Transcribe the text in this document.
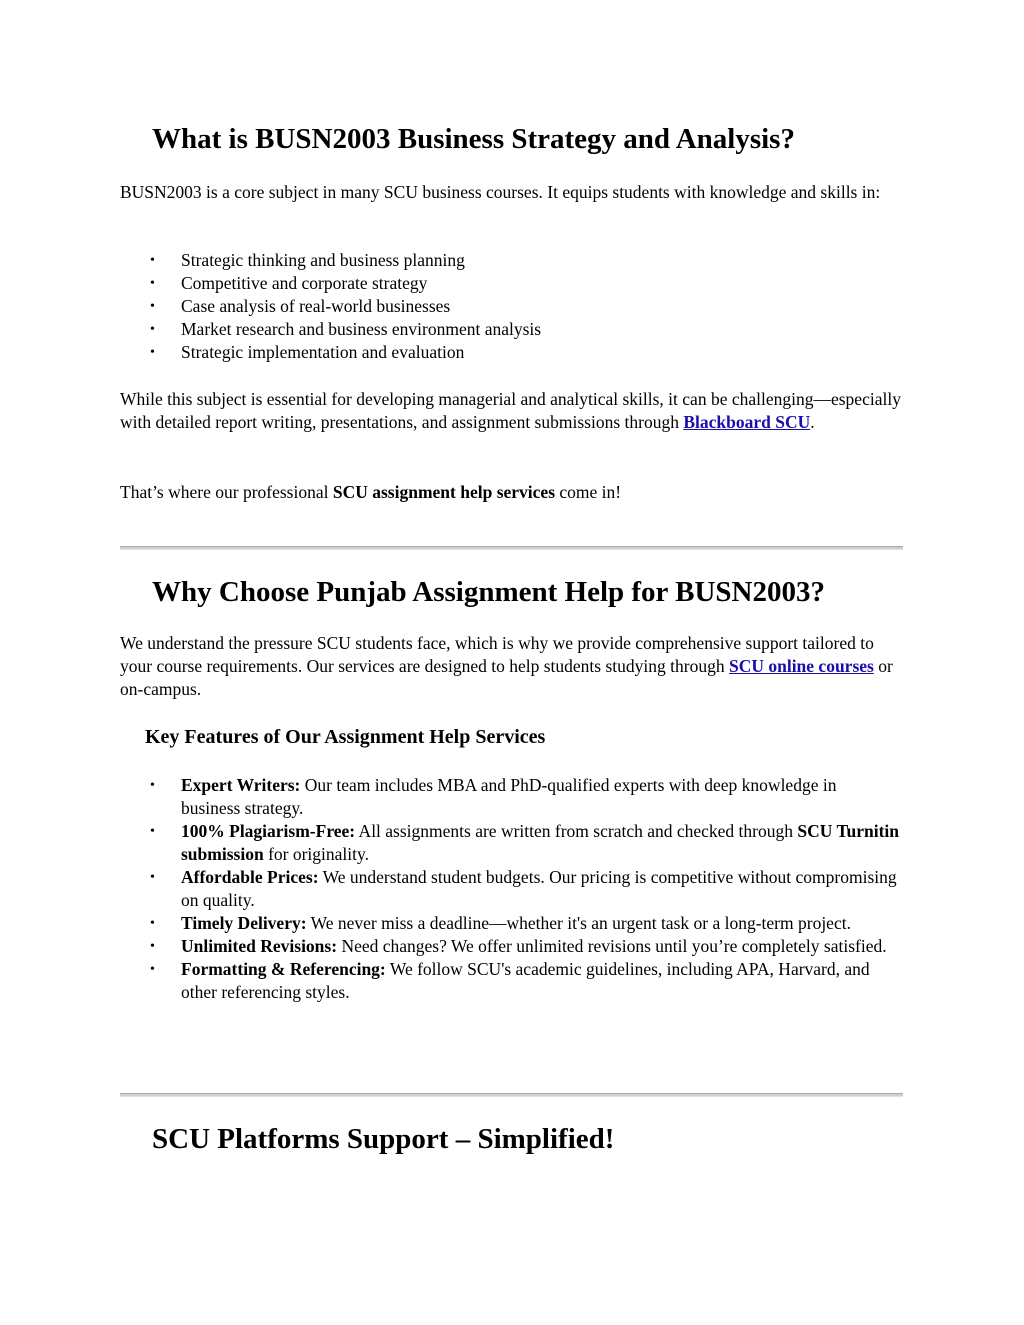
What is BUSN2003 Business Strategy and Analysis?

BUSN2003 is a core subject in many SCU business courses. It equips students with knowledge and skills in:

• Strategic thinking and business planning
• Competitive and corporate strategy
• Case analysis of real-world businesses
• Market research and business environment analysis
• Strategic implementation and evaluation

While this subject is essential for developing managerial and analytical skills, it can be challenging—especially with detailed report writing, presentations, and assignment submissions through Blackboard SCU.

That’s where our professional SCU assignment help services come in!

Why Choose Punjab Assignment Help for BUSN2003?

We understand the pressure SCU students face, which is why we provide comprehensive support tailored to your course requirements. Our services are designed to help students studying through SCU online courses or on-campus.

Key Features of Our Assignment Help Services
• Expert Writers: Our team includes MBA and PhD-qualified experts with deep knowledge in business strategy.
• 100% Plagiarism-Free: All assignments are written from scratch and checked through SCU Turnitin submission for originality.
• Affordable Prices: We understand student budgets. Our pricing is competitive without compromising on quality.
• Timely Delivery: We never miss a deadline—whether it's an urgent task or a long-term project.
• Unlimited Revisions: Need changes? We offer unlimited revisions until you’re completely satisfied.
• Formatting & Referencing: We follow SCU's academic guidelines, including APA, Harvard, and other referencing styles.
SCU Platforms Support – Simplified!
